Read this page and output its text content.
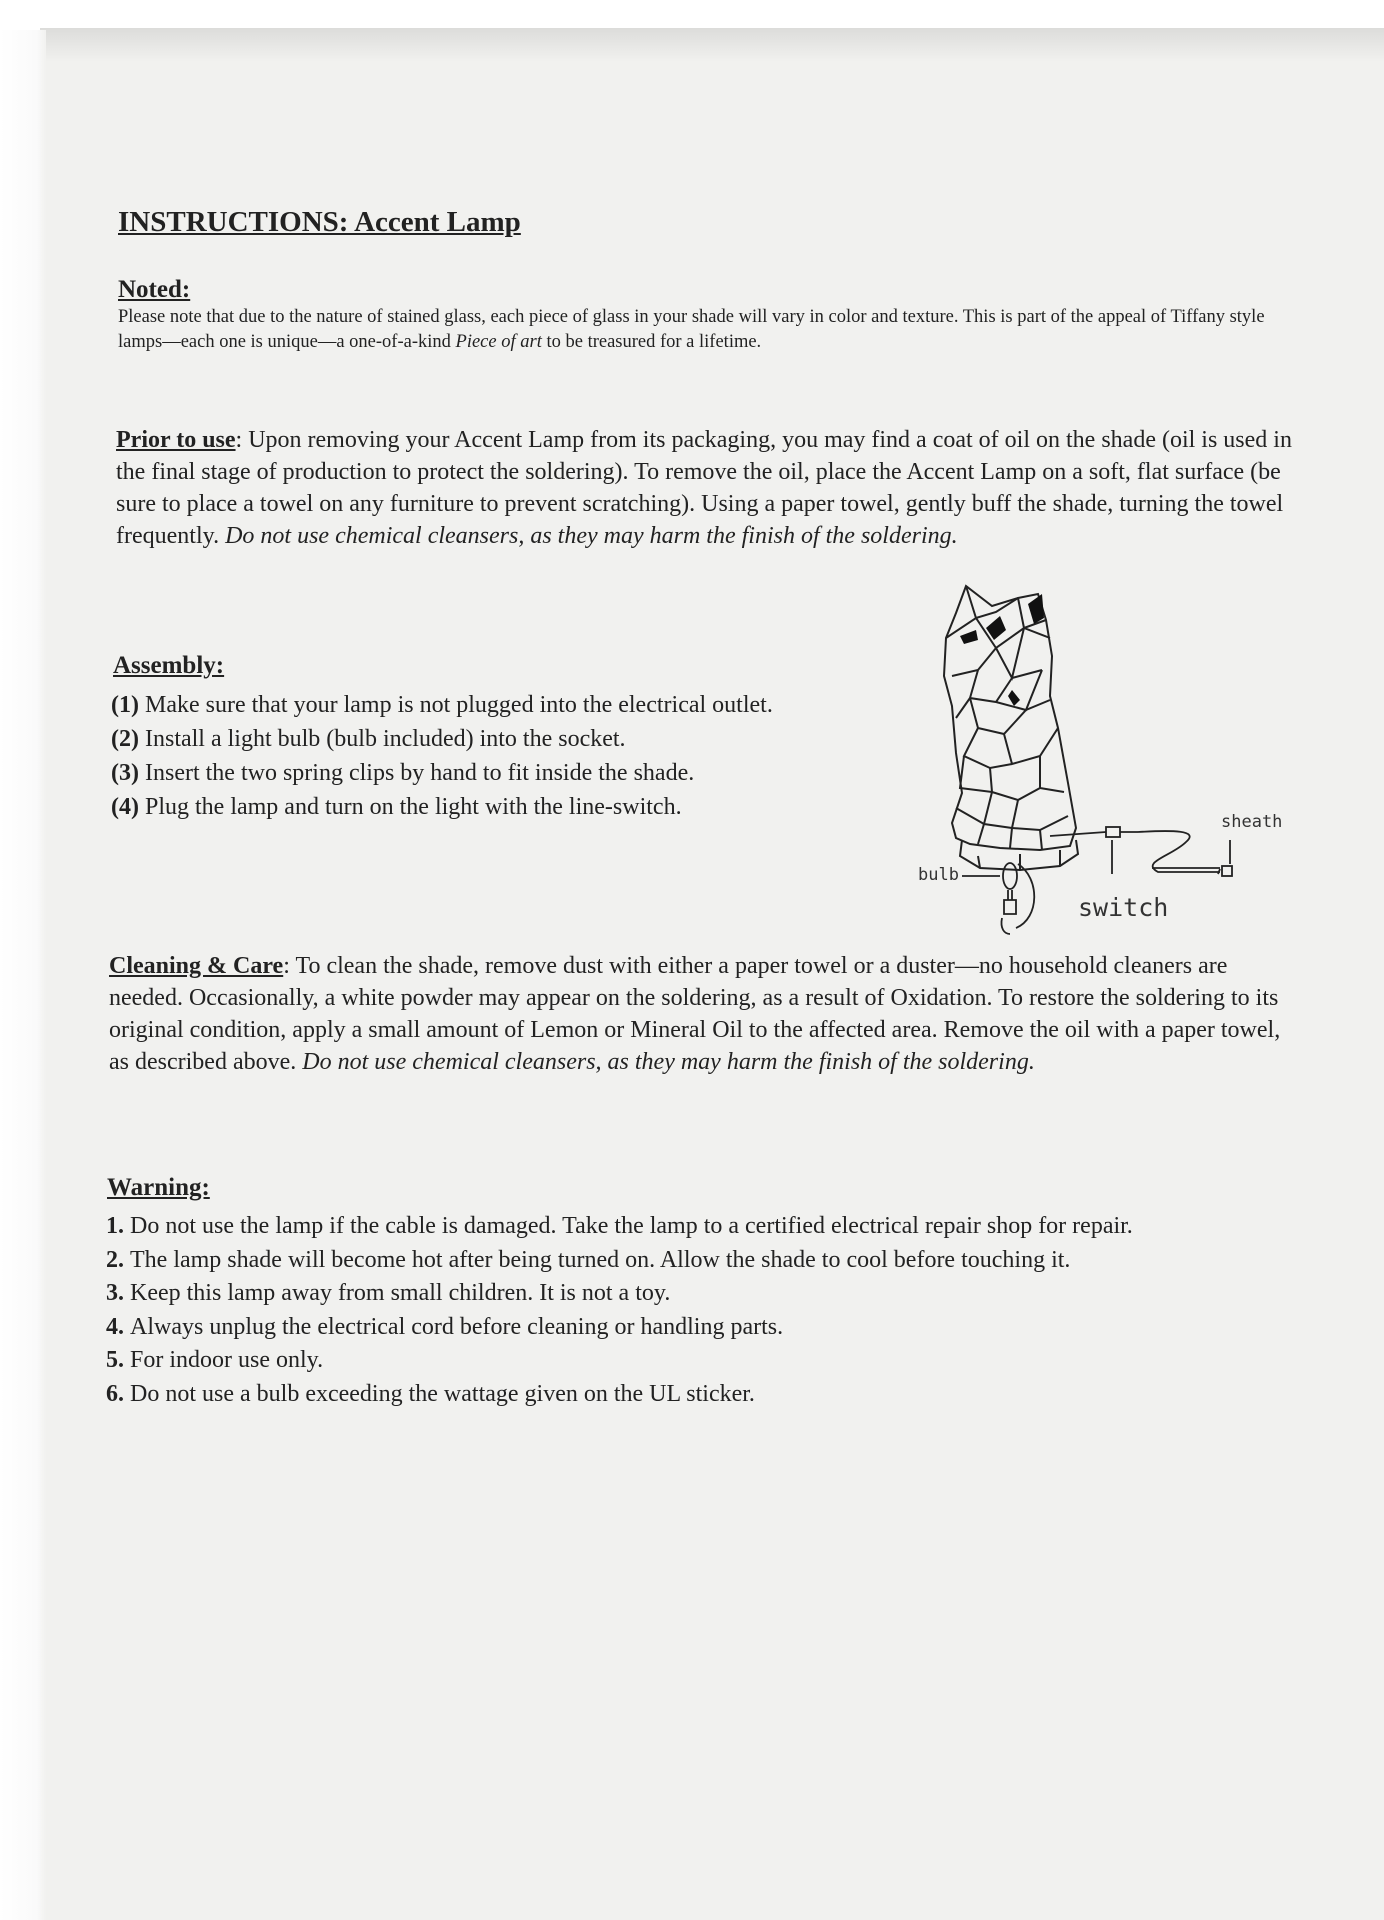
INSTRUCTIONS: Accent Lamp

Noted:

Please note that due to the nature of stained glass, each piece of glass in your shade will vary in color and texture. This is part of the appeal of Tiffany style lamps—each one is unique—a one-of-a-kind Piece of art to be treasured for a lifetime.

Prior to use: Upon removing your Accent Lamp from its packaging, you may find a coat of oil on the shade (oil is used in the final stage of production to protect the soldering). To remove the oil, place the Accent Lamp on a soft, flat surface (be sure to place a towel on any furniture to prevent scratching). Using a paper towel, gently buff the shade, turning the towel frequently. Do not use chemical cleansers, as they may harm the finish of the soldering.

Assembly:

(1) Make sure that your lamp is not plugged into the electrical outlet.
(2) Install a light bulb (bulb included) into the socket.
(3) Insert the two spring clips by hand to fit inside the shade.
(4) Plug the lamp and turn on the light with the line-switch.
sheath
bulb
switch

Cleaning & Care: To clean the shade, remove dust with either a paper towel or a duster—no household cleaners are needed. Occasionally, a white powder may appear on the soldering, as a result of Oxidation. To restore the soldering to its original condition, apply a small amount of Lemon or Mineral Oil to the affected area. Remove the oil with a paper towel, as described above. Do not use chemical cleansers, as they may harm the finish of the soldering.

Warning:

1. Do not use the lamp if the cable is damaged. Take the lamp to a certified electrical repair shop for repair.
2. The lamp shade will become hot after being turned on. Allow the shade to cool before touching it.
3. Keep this lamp away from small children. It is not a toy.
4. Always unplug the electrical cord before cleaning or handling parts.
5. For indoor use only.
6. Do not use a bulb exceeding the wattage given on the UL sticker.
